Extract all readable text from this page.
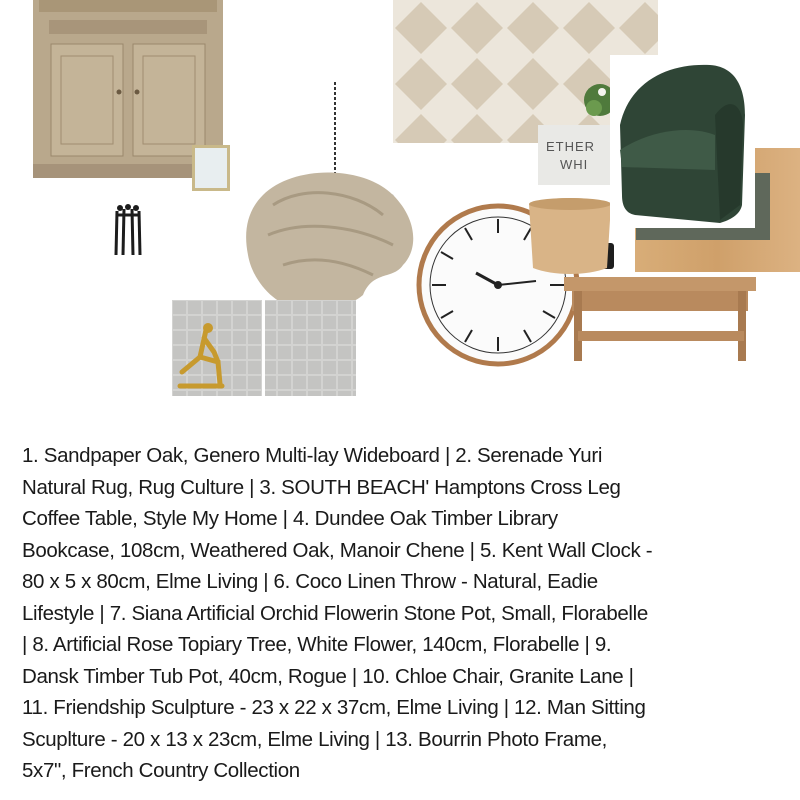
ETHER
WHI
1. Sandpaper Oak, Genero Multi-lay Wideboard | 2. Serenade Yuri
Natural Rug, Rug Culture | 3. SOUTH BEACH' Hamptons Cross Leg
Coffee Table, Style My Home | 4. Dundee Oak Timber Library
Bookcase, 108cm, Weathered Oak, Manoir Chene | 5. Kent Wall Clock -
80 x 5 x 80cm, Elme Living | 6. Coco Linen Throw - Natural, Eadie
Lifestyle | 7. Siana Artificial Orchid Flowerin Stone Pot, Small, Florabelle
| 8. Artificial Rose Topiary Tree, White Flower, 140cm, Florabelle | 9.
Dansk Timber Tub Pot, 40cm, Rogue | 10. Chloe Chair, Granite Lane |
11. Friendship Sculpture - 23 x 22 x 37cm, Elme Living | 12. Man Sitting
Scuplture - 20 x 13 x 23cm, Elme Living | 13. Bourrin Photo Frame,
5x7", French Country Collection
